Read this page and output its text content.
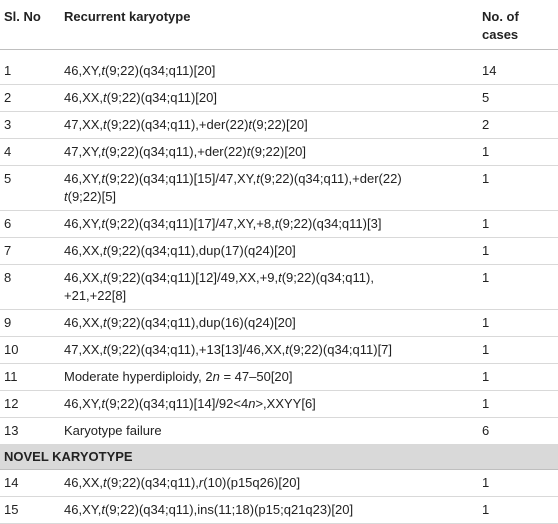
Sl. No	Recurrent karyotype	No. of
cases
1	46,XY,t(9;22)(q34;q11)[20]	14
2	46,XX,t(9;22)(q34;q11)[20]	5
3	47,XX,t(9;22)(q34;q11),+der(22)t(9;22)[20]	2
4	47,XY,t(9;22)(q34;q11),+der(22)t(9;22)[20]	1
5	46,XY,t(9;22)(q34;q11)[15]/47,XY,t(9;22)(q34;q11),+der(22)
t(9;22)[5]	1
6	46,XY,t(9;22)(q34;q11)[17]/47,XY,+8,t(9;22)(q34;q11)[3]	1
7	46,XX,t(9;22)(q34;q11),dup(17)(q24)[20]	1
8	46,XX,t(9;22)(q34;q11)[12]/49,XX,+9,t(9;22)(q34;q11),
+21,+22[8]	1
9	46,XX,t(9;22)(q34;q11),dup(16)(q24)[20]	1
10	47,XX,t(9;22)(q34;q11),+13[13]/46,XX,t(9;22)(q34;q11)[7]	1
11	Moderate hyperdiploidy, 2n = 47–50[20]	1
12	46,XY,t(9;22)(q34;q11)[14]/92<4n>,XXYY[6]	1
13	Karyotype failure	6
NOVEL KARYOTYPE		
14	46,XX,t(9;22)(q34;q11),r(10)(p15q26)[20]	1
15	46,XY,t(9;22)(q34;q11),ins(11;18)(p15;q21q23)[20]	1
